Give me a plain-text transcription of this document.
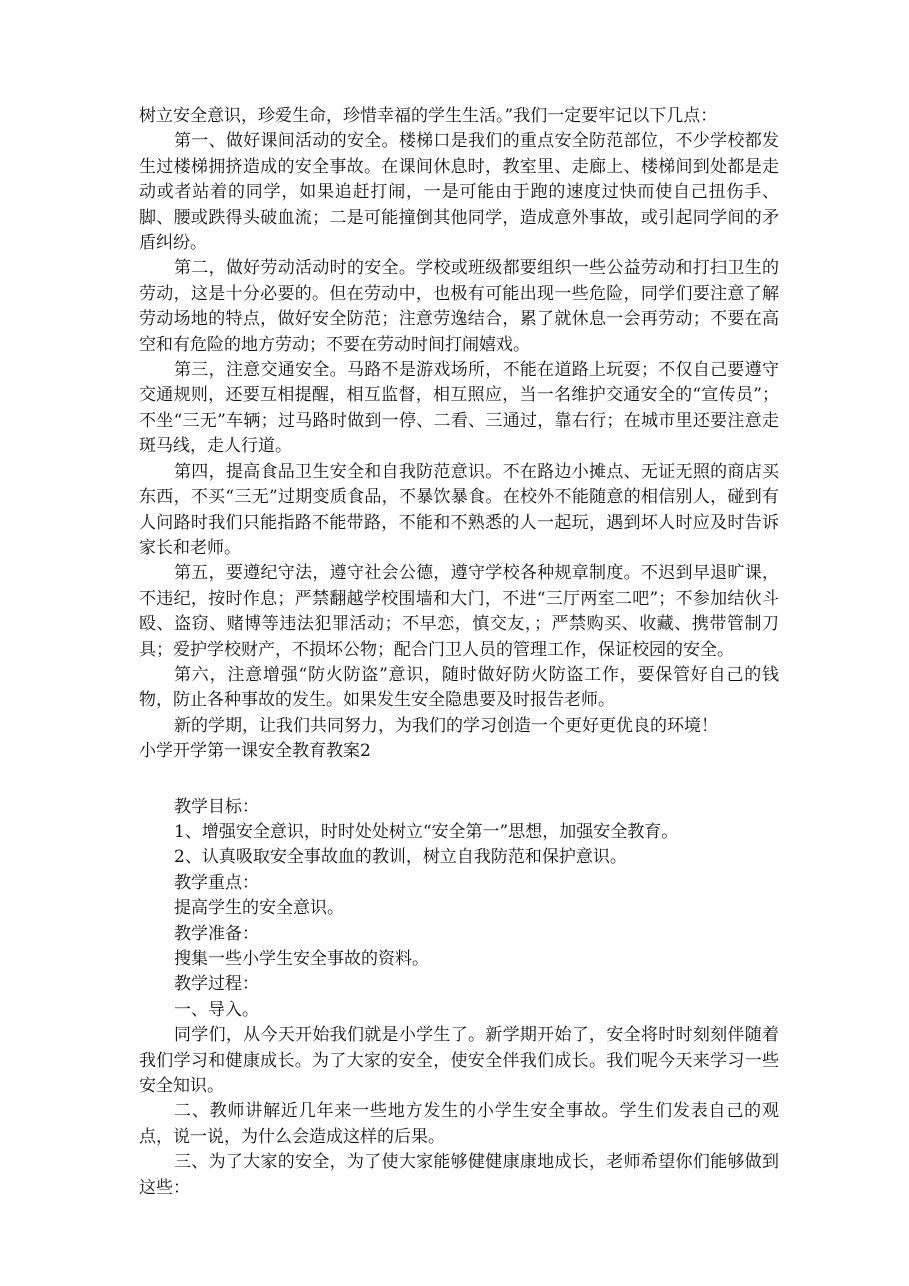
树立安全意识，珍爱生命，珍惜幸福的学生生活。”我们一定要牢记以下几点：

第一、做好课间活动的安全。楼梯口是我们的重点安全防范部位，不少学校都发生过楼梯拥挤造成的安全事故。在课间休息时，教室里、走廊上、楼梯间到处都是走动或者站着的同学，如果追赶打闹，一是可能由于跑的速度过快而使自己扭伤手、脚、腰或跌得头破血流；二是可能撞倒其他同学，造成意外事故，或引起同学间的矛盾纠纷。

第二，做好劳动活动时的安全。学校或班级都要组织一些公益劳动和打扫卫生的劳动，这是十分必要的。但在劳动中，也极有可能出现一些危险，同学们要注意了解劳动场地的特点，做好安全防范；注意劳逸结合，累了就休息一会再劳动；不要在高空和有危险的地方劳动；不要在劳动时间打闹嬉戏。

第三，注意交通安全。马路不是游戏场所，不能在道路上玩耍；不仅自己要遵守交通规则，还要互相提醒，相互监督，相互照应，当一名维护交通安全的“宣传员”；不坐“三无”车辆；过马路时做到一停、二看、三通过，靠右行；在城市里还要注意走斑马线，走人行道。

第四，提高食品卫生安全和自我防范意识。不在路边小摊点、无证无照的商店买东西，不买“三无”过期变质食品，不暴饮暴食。在校外不能随意的相信别人，碰到有人问路时我们只能指路不能带路，不能和不熟悉的人一起玩，遇到坏人时应及时告诉家长和老师。

第五，要遵纪守法，遵守社会公德，遵守学校各种规章制度。不迟到早退旷课，不违纪，按时作息；严禁翻越学校围墙和大门，不进“三厅两室二吧”；不参加结伙斗殴、盗窃、赌博等违法犯罪活动；不早恋，慎交友，；严禁购买、收藏、携带管制刀具；爱护学校财产，不损坏公物；配合门卫人员的管理工作，保证校园的安全。

第六，注意增强“防火防盗”意识，随时做好防火防盗工作，要保管好自己的钱物，防止各种事故的发生。如果发生安全隐患要及时报告老师。

新的学期，让我们共同努力，为我们的学习创造一个更好更优良的环境！

小学开学第一课安全教育教案2

教学目标：

1、增强安全意识，时时处处树立“安全第一”思想，加强安全教育。

2、认真吸取安全事故血的教训，树立自我防范和保护意识。

教学重点：

提高学生的安全意识。

教学准备：

搜集一些小学生安全事故的资料。

教学过程：

一、导入。

同学们，从今天开始我们就是小学生了。新学期开始了，安全将时时刻刻伴随着我们学习和健康成长。为了大家的安全，使安全伴我们成长。我们呢今天来学习一些安全知识。

二、教师讲解近几年来一些地方发生的小学生安全事故。学生们发表自己的观点，说一说，为什么会造成这样的后果。

三、为了大家的安全，为了使大家能够健健康康地成长，老师希望你们能够做到这些：
